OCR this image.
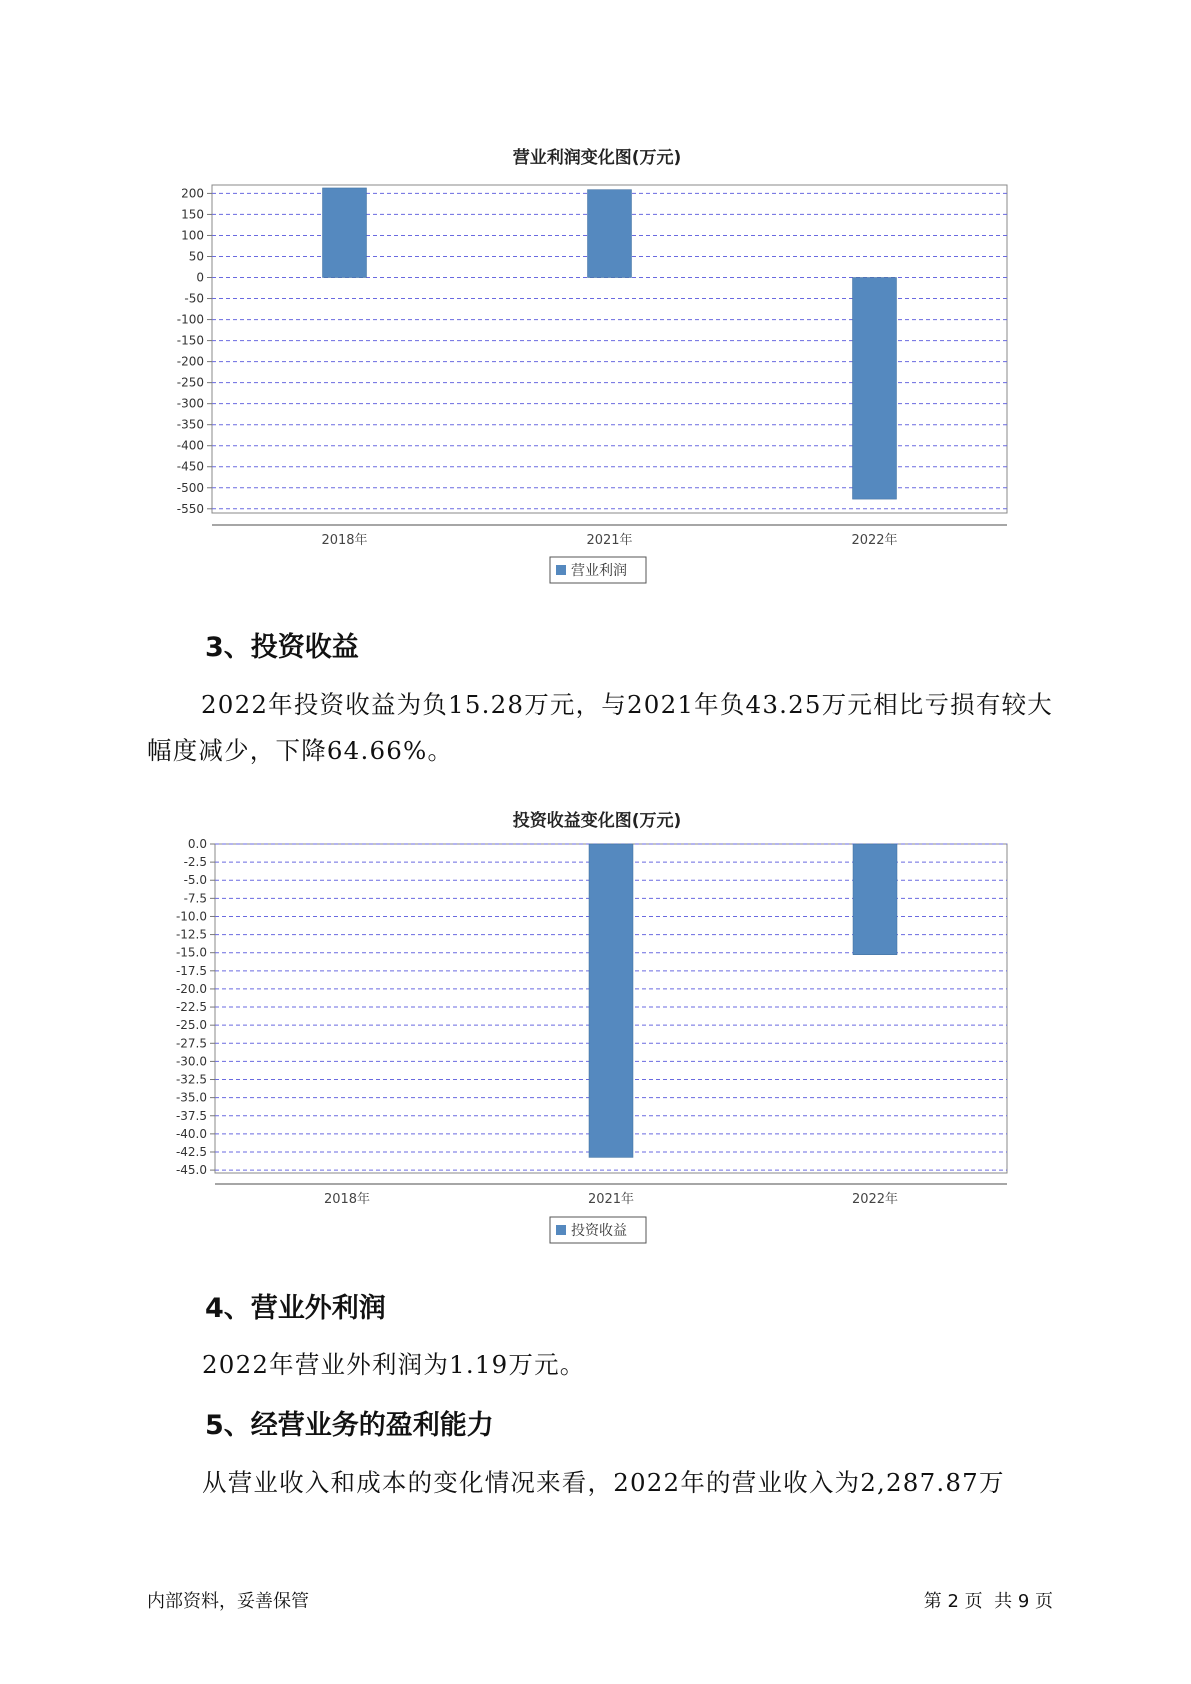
营业利润变化图(万元)
200
150
100
50
0
-50
-100
-150
-200
-250
-300
-350
-400
-450
-500
-550
2018年	2021年	2022年
营业利润
投资收益变化图(万元)
0.0
-2.5
-5.0
-7.5
-10.0
-12.5
-15.0
-17.5
-20.0
-22.5
-25.0
-27.5
-30.0
-32.5
-35.0
-37.5
-40.0
-42.5
-45.0
2018年	2021年	2022年
投资收益
3、投资收益
2022年投资收益为负15.28万元，与2021年负43.25万元相比亏损有较大幅度减少，下降64.66%。
4、营业外利润
2022年营业外利润为1.19万元。
5、经营业务的盈利能力
从营业收入和成本的变化情况来看，2022年的营业收入为2,287.87万
内部资料，妥善保管	第 2 页  共 9 页
